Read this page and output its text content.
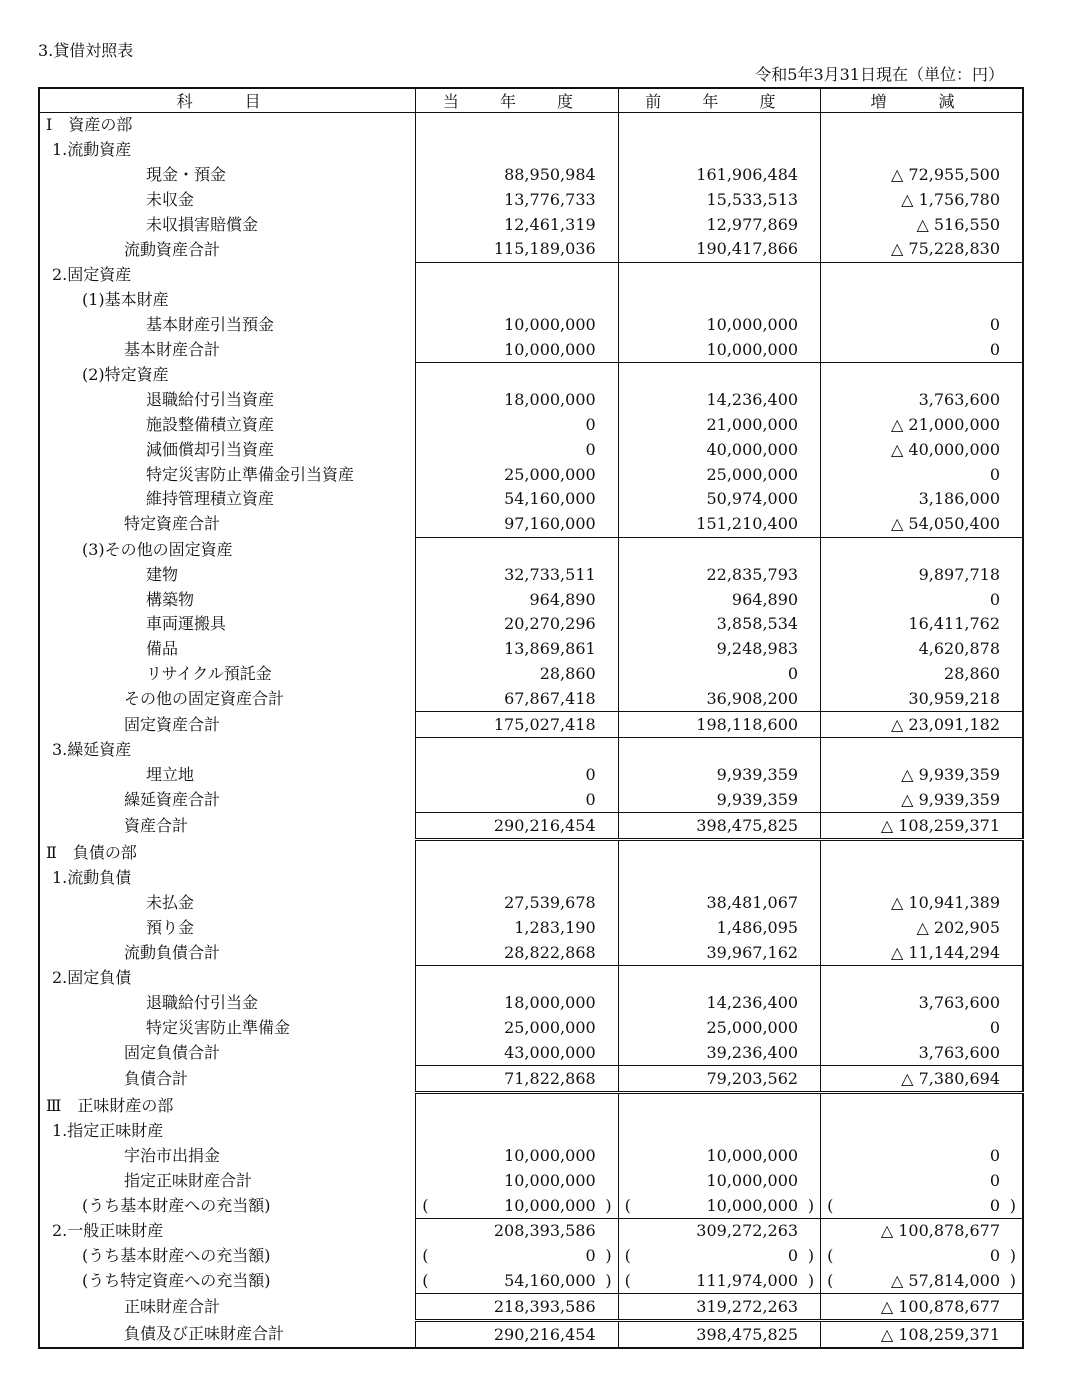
3.貸借対照表
令和5年3月31日現在（単位：円）
科　目	当 年 度	前 年 度	増　減
Ⅰ　資産の部			
1.流動資産			
現金・預金	88,950,984	161,906,484	△ 72,955,500
未収金	13,776,733	15,533,513	△ 1,756,780
未収損害賠償金	12,461,319	12,977,869	△ 516,550
流動資産合計	115,189,036	190,417,866	△ 75,228,830
2.固定資産			
(1)基本財産			
基本財産引当預金	10,000,000	10,000,000	0
基本財産合計	10,000,000	10,000,000	0
(2)特定資産			
退職給付引当資産	18,000,000	14,236,400	3,763,600
施設整備積立資産	0	21,000,000	△ 21,000,000
減価償却引当資産	0	40,000,000	△ 40,000,000
特定災害防止準備金引当資産	25,000,000	25,000,000	0
維持管理積立資産	54,160,000	50,974,000	3,186,000
特定資産合計	97,160,000	151,210,400	△ 54,050,400
(3)その他の固定資産			
建物	32,733,511	22,835,793	9,897,718
構築物	964,890	964,890	0
車両運搬具	20,270,296	3,858,534	16,411,762
備品	13,869,861	9,248,983	4,620,878
リサイクル預託金	28,860	0	28,860
その他の固定資産合計	67,867,418	36,908,200	30,959,218
固定資産合計	175,027,418	198,118,600	△ 23,091,182
3.繰延資産			
埋立地	0	9,939,359	△ 9,939,359
繰延資産合計	0	9,939,359	△ 9,939,359
資産合計	290,216,454	398,475,825	△ 108,259,371
Ⅱ　負債の部			
1.流動負債			
未払金	27,539,678	38,481,067	△ 10,941,389
預り金	1,283,190	1,486,095	△ 202,905
流動負債合計	28,822,868	39,967,162	△ 11,144,294
2.固定負債			
退職給付引当金	18,000,000	14,236,400	3,763,600
特定災害防止準備金	25,000,000	25,000,000	0
固定負債合計	43,000,000	39,236,400	3,763,600
負債合計	71,822,868	79,203,562	△ 7,380,694
Ⅲ　正味財産の部			
1.指定正味財産			
宇治市出捐金	10,000,000	10,000,000	0
指定正味財産合計	10,000,000	10,000,000	0
(うち基本財産への充当額)	( 10,000,000 )	( 10,000,000 )	( 0 )
2.一般正味財産	208,393,586	309,272,263	△ 100,878,677
(うち基本財産への充当額)	( 0 )	( 0 )	( 0 )
(うち特定資産への充当額)	( 54,160,000 )	( 111,974,000 )	( △ 57,814,000 )
正味財産合計	218,393,586	319,272,263	△ 100,878,677
負債及び正味財産合計	290,216,454	398,475,825	△ 108,259,371
